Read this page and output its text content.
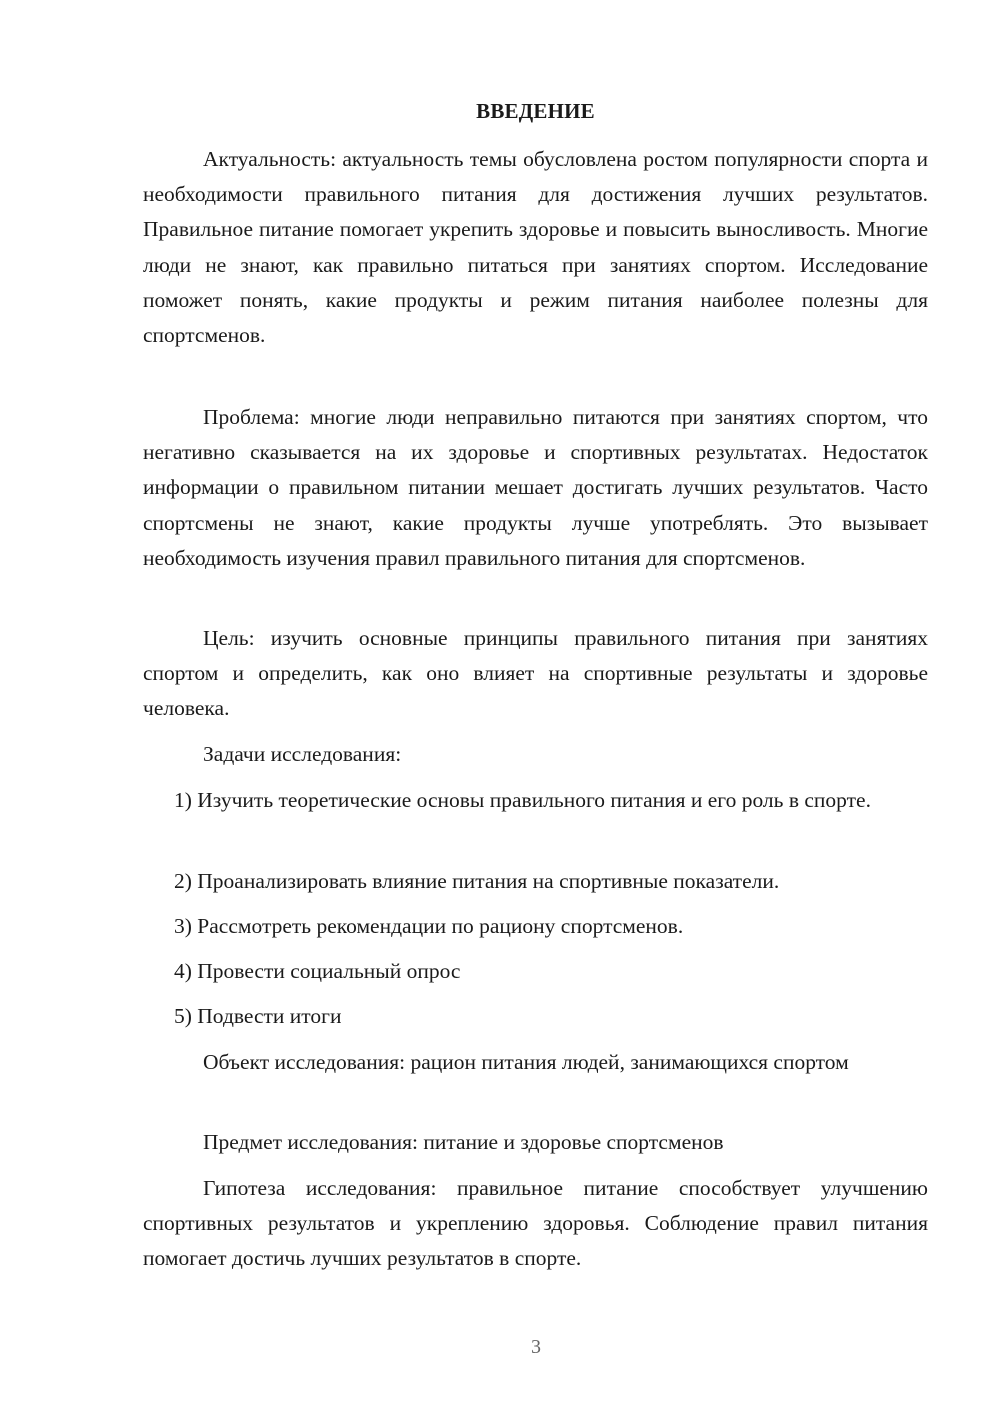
ВВЕДЕНИЕ

Актуальность: актуальность темы обусловлена ростом популярности спорта и необходимости правильного питания для достижения лучших результатов. Правильное питание помогает укрепить здоровье и повысить выносливость. Многие люди не знают, как правильно питаться при занятиях спортом. Исследование поможет понять, какие продукты и режим питания наиболее полезны для спортсменов.

Проблема: многие люди неправильно питаются при занятиях спортом, что негативно сказывается на их здоровье и спортивных результатах. Недостаток информации о правильном питании мешает достигать лучших результатов. Часто спортсмены не знают, какие продукты лучше употреблять. Это вызывает необходимость изучения правил правильного питания для спортсменов.

Цель: изучить основные принципы правильного питания при занятиях спортом и определить, как оно влияет на спортивные результаты и здоровье человека.

Задачи исследования:

1) Изучить теоретические основы правильного питания и его роль в спорте.

2) Проанализировать влияние питания на спортивные показатели.

3) Рассмотреть рекомендации по рациону спортсменов.

4) Провести социальный опрос

5) Подвести итоги

Объект исследования: рацион питания людей, занимающихся спортом

Предмет исследования: питание и здоровье спортсменов

Гипотеза исследования: правильное питание способствует улучшению спортивных результатов и укреплению здоровья. Соблюдение правил питания помогает достичь лучших результатов в спорте.

3
